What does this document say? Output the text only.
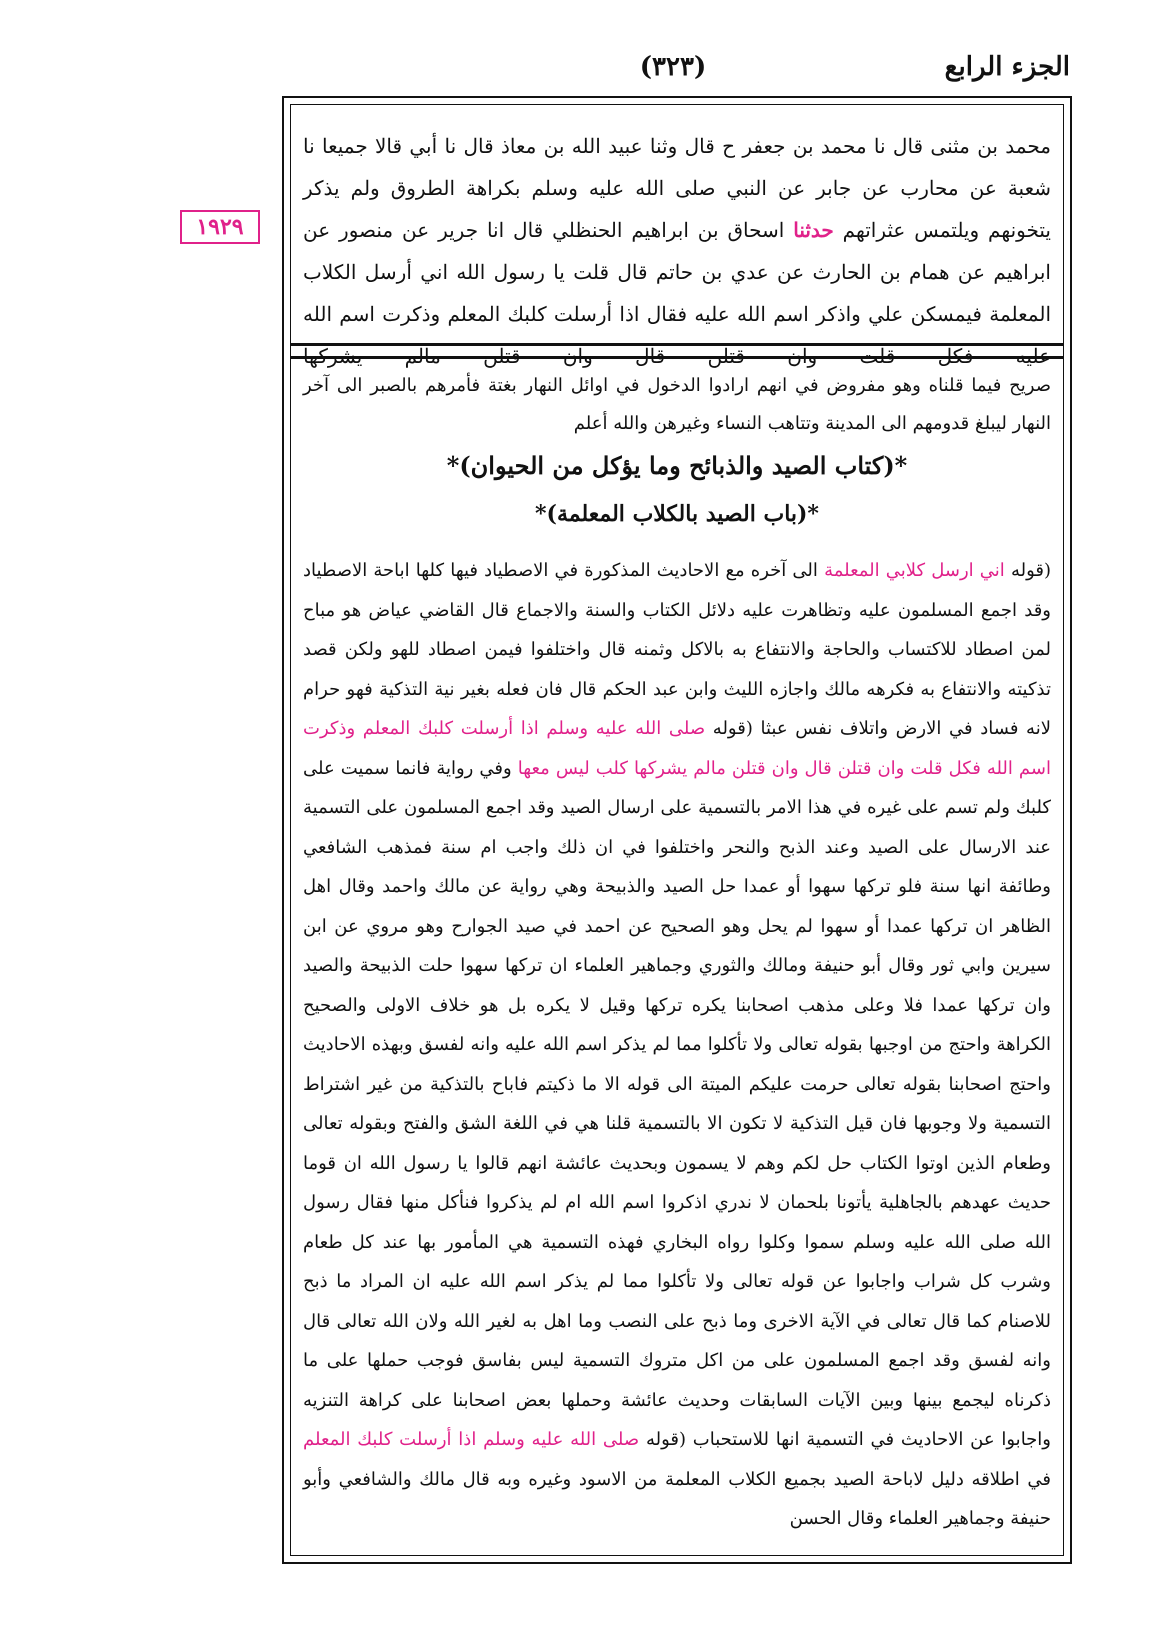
الجزء الرابع
(٣٢٣)
١٩٢٩
محمد بن مثنى قال نا محمد بن جعفر ح قال وثنا عبيد الله بن معاذ قال نا أبي قالا جميعا نا شعبة عن محارب عن جابر عن النبي صلى الله عليه وسلم بكراهة الطروق ولم يذكر يتخونهم ويلتمس عثراتهم حدثنا اسحاق بن ابراهيم الحنظلي قال انا جرير عن منصور عن ابراهيم عن همام بن الحارث عن عدي بن حاتم قال قلت يا رسول الله اني أرسل الكلاب المعلمة فيمسكن علي واذكر اسم الله عليه فقال اذا أرسلت كلبك المعلم وذكرت اسم الله عليه فكل قلت وان قتلن قال وان قتلن مالم يشركها
صريح فيما قلناه وهو مفروض في انهم ارادوا الدخول في اوائل النهار بغتة فأمرهم بالصبر الى آخر النهار ليبلغ قدومهم الى المدينة وتتاهب النساء وغيرهن والله أعلم
*(كتاب الصيد والذبائح وما يؤكل من الحيوان)*
*(باب الصيد بالكلاب المعلمة)*
(قوله اني ارسل كلابي المعلمة الى آخره مع الاحاديث المذكورة في الاصطياد فيها كلها اباحة الاصطياد وقد اجمع المسلمون عليه وتظاهرت عليه دلائل الكتاب والسنة والاجماع قال القاضي عياض هو مباح لمن اصطاد للاكتساب والحاجة والانتفاع به بالاكل وثمنه قال واختلفوا فيمن اصطاد للهو ولكن قصد تذكيته والانتفاع به فكرهه مالك واجازه الليث وابن عبد الحكم قال فان فعله بغير نية التذكية فهو حرام لانه فساد في الارض واتلاف نفس عبثا (قوله صلى الله عليه وسلم اذا أرسلت كلبك المعلم وذكرت اسم الله فكل قلت وان قتلن قال وان قتلن مالم يشركها كلب ليس معها وفي رواية فانما سميت على كلبك ولم تسم على غيره في هذا الامر بالتسمية على ارسال الصيد وقد اجمع المسلمون على التسمية عند الارسال على الصيد وعند الذبح والنحر واختلفوا في ان ذلك واجب ام سنة فمذهب الشافعي وطائفة انها سنة فلو تركها سهوا أو عمدا حل الصيد والذبيحة وهي رواية عن مالك واحمد وقال اهل الظاهر ان تركها عمدا أو سهوا لم يحل وهو الصحيح عن احمد في صيد الجوارح وهو مروي عن ابن سيرين وابي ثور وقال أبو حنيفة ومالك والثوري وجماهير العلماء ان تركها سهوا حلت الذبيحة والصيد وان تركها عمدا فلا وعلى مذهب اصحابنا يكره تركها وقيل لا يكره بل هو خلاف الاولى والصحيح الكراهة واحتج من اوجبها بقوله تعالى ولا تأكلوا مما لم يذكر اسم الله عليه وانه لفسق وبهذه الاحاديث واحتج اصحابنا بقوله تعالى حرمت عليكم الميتة الى قوله الا ما ذكيتم فاباح بالتذكية من غير اشتراط التسمية ولا وجوبها فان قيل التذكية لا تكون الا بالتسمية قلنا هي في اللغة الشق والفتح وبقوله تعالى وطعام الذين اوتوا الكتاب حل لكم وهم لا يسمون وبحديث عائشة انهم قالوا يا رسول الله ان قوما حديث عهدهم بالجاهلية يأتونا بلحمان لا ندري اذكروا اسم الله ام لم يذكروا فنأكل منها فقال رسول الله صلى الله عليه وسلم سموا وكلوا رواه البخاري فهذه التسمية هي المأمور بها عند كل طعام وشرب كل شراب واجابوا عن قوله تعالى ولا تأكلوا مما لم يذكر اسم الله عليه ان المراد ما ذبح للاصنام كما قال تعالى في الآية الاخرى وما ذبح على النصب وما اهل به لغير الله ولان الله تعالى قال وانه لفسق وقد اجمع المسلمون على من اكل متروك التسمية ليس بفاسق فوجب حملها على ما ذكرناه ليجمع بينها وبين الآيات السابقات وحديث عائشة وحملها بعض اصحابنا على كراهة التنزيه واجابوا عن الاحاديث في التسمية انها للاستحباب (قوله صلى الله عليه وسلم اذا أرسلت كلبك المعلم في اطلاقه دليل لاباحة الصيد بجميع الكلاب المعلمة من الاسود وغيره وبه قال مالك والشافعي وأبو حنيفة وجماهير العلماء وقال الحسن
